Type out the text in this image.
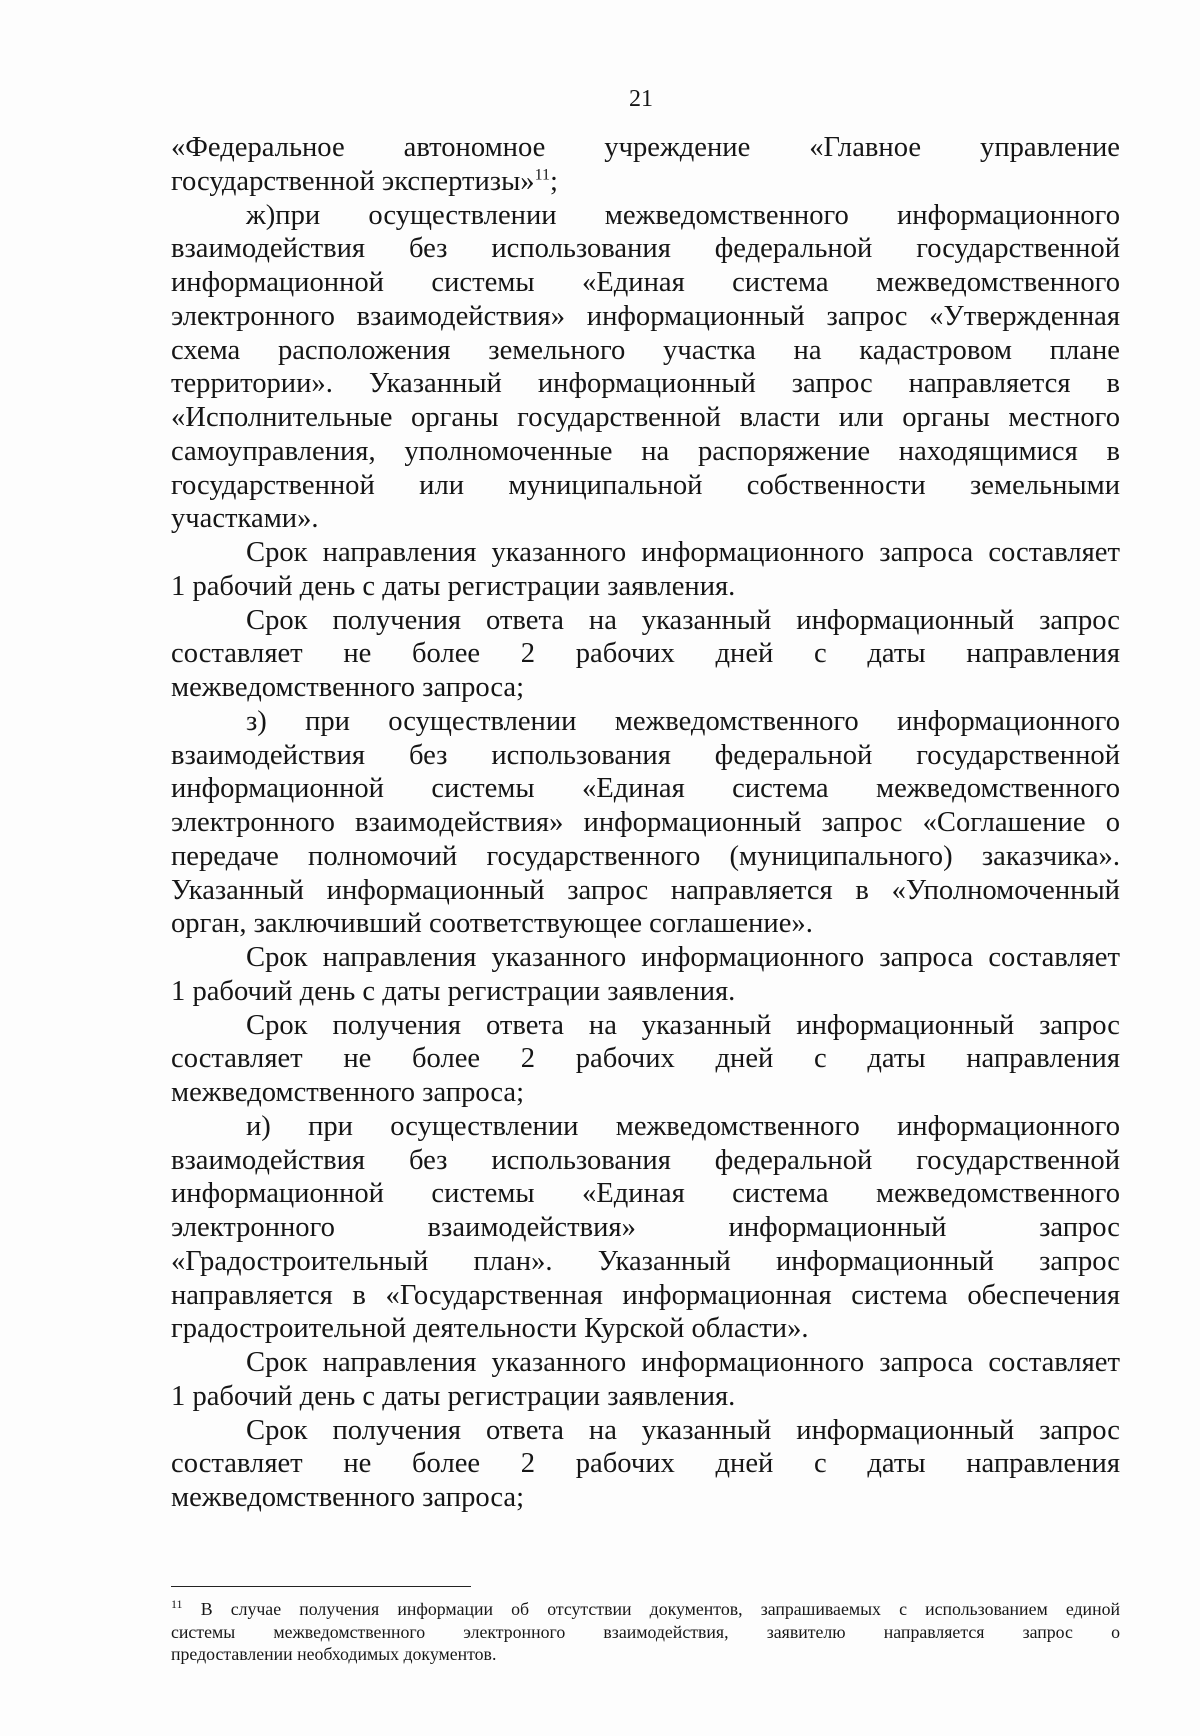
21
«Федеральное автономное учреждение «Главное управление
государственной экспертизы»$^{11}$;
ж)при осуществлении межведомственного информационного
взаимодействия без использования федеральной государственной
информационной системы «Единая система межведомственного
электронного взаимодействия» информационный запрос «Утвержденная
схема расположения земельного участка на кадастровом плане
территории». Указанный информационный запрос направляется в
«Исполнительные органы государственной власти или органы местного
самоуправления, уполномоченные на распоряжение находящимися в
государственной или муниципальной собственности земельными
участками».
Срок направления указанного информационного запроса составляет
1 рабочий день с даты регистрации заявления.
Срок получения ответа на указанный информационный запрос
составляет не более 2 рабочих дней с даты направления
межведомственного запроса;
з) при осуществлении межведомственного информационного
взаимодействия без использования федеральной государственной
информационной системы «Единая система межведомственного
электронного взаимодействия» информационный запрос «Соглашение о
передаче полномочий государственного (муниципального) заказчика».
Указанный информационный запрос направляется в «Уполномоченный
орган, заключивший соответствующее соглашение».
Срок направления указанного информационного запроса составляет
1 рабочий день с даты регистрации заявления.
Срок получения ответа на указанный информационный запрос
составляет не более 2 рабочих дней с даты направления
межведомственного запроса;
и) при осуществлении межведомственного информационного
взаимодействия без использования федеральной государственной
информационной системы «Единая система межведомственного
электронного взаимодействия» информационный запрос
«Градостроительный план». Указанный информационный запрос
направляется в «Государственная информационная система обеспечения
градостроительной деятельности Курской области».
Срок направления указанного информационного запроса составляет
1 рабочий день с даты регистрации заявления.
Срок получения ответа на указанный информационный запрос
составляет не более 2 рабочих дней с даты направления
межведомственного запроса;
$^{11}$ В случае получения информации об отсутствии документов, запрашиваемых с использованием единой
системы межведомственного электронного взаимодействия, заявителю направляется запрос о
предоставлении необходимых документов.
